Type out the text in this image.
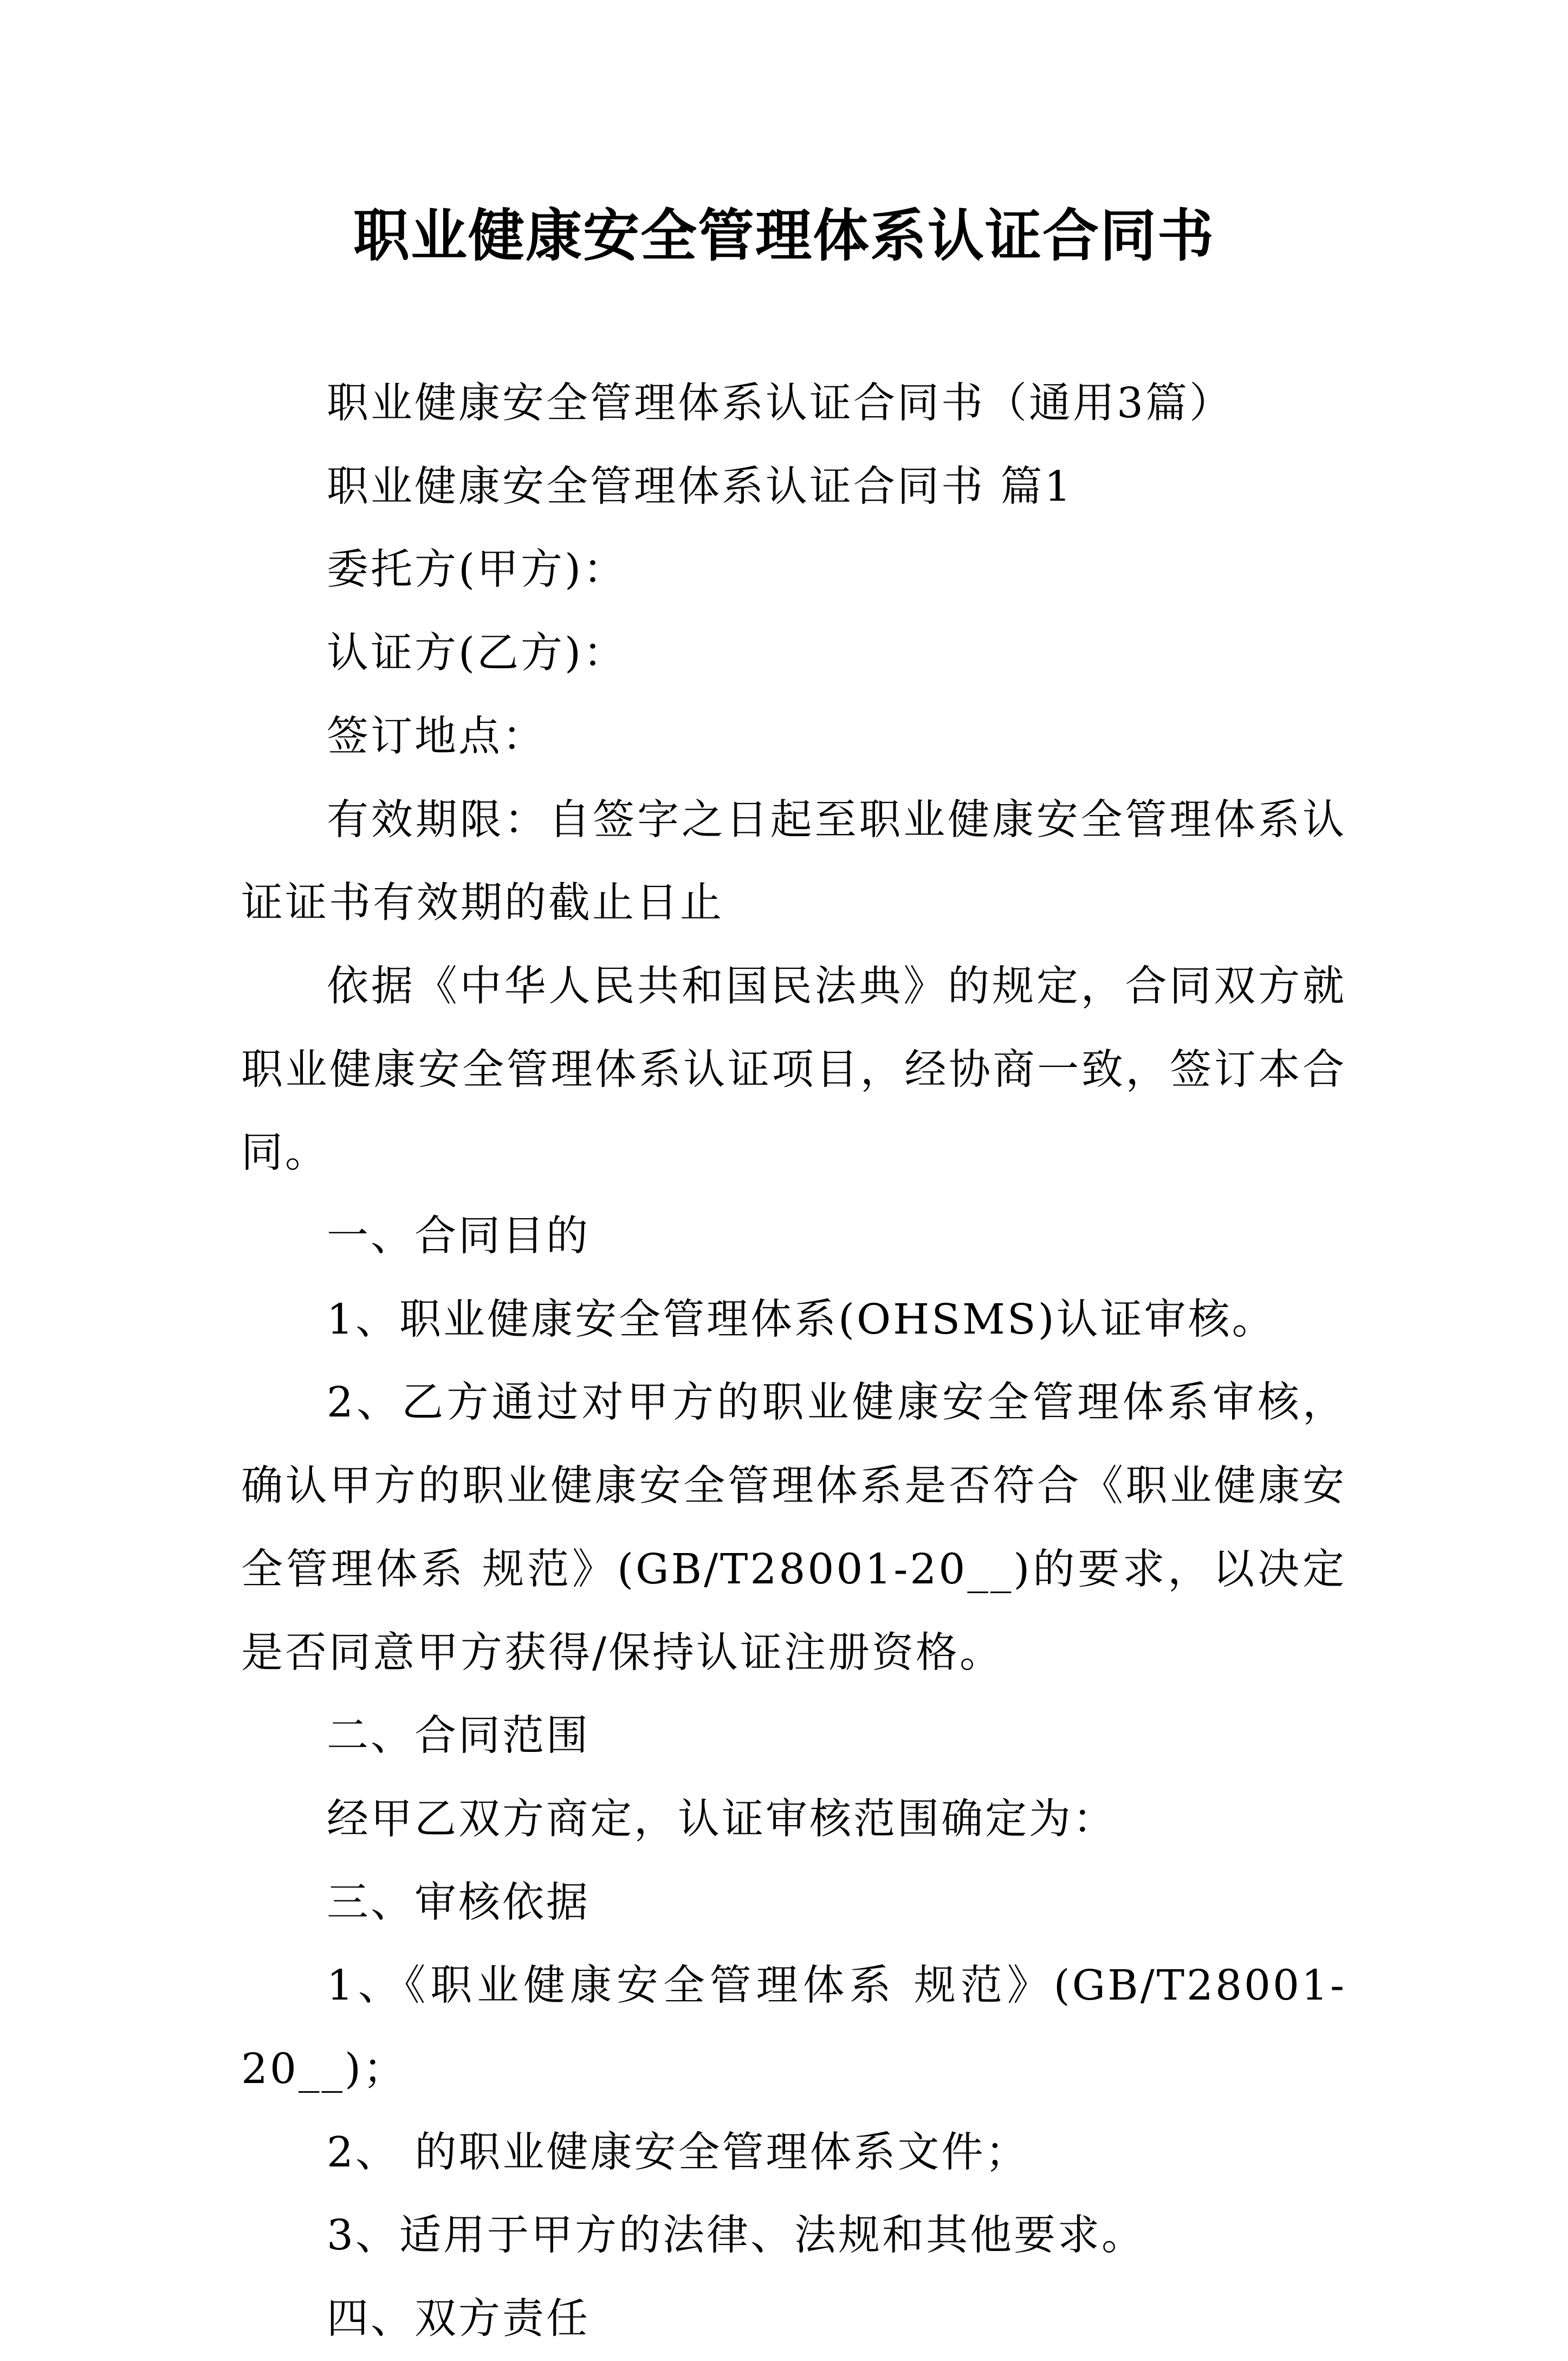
职业健康安全管理体系认证合同书

职业健康安全管理体系认证合同书（通用3篇）

职业健康安全管理体系认证合同书 篇1

委托方(甲方)：

认证方(乙方)：

签订地点：

有效期限：自签字之日起至职业健康安全管理体系认证证书有效期的截止日止

依据《中华人民共和国民法典》的规定，合同双方就职业健康安全管理体系认证项目，经协商一致，签订本合同。

一、合同目的

1、职业健康安全管理体系(OHSMS)认证审核。

2、乙方通过对甲方的职业健康安全管理体系审核，确认甲方的职业健康安全管理体系是否符合《职业健康安全管理体系 规范》(GB/T28001-20__)的要求，以决定是否同意甲方获得/保持认证注册资格。

二、合同范围

经甲乙双方商定，认证审核范围确定为：

三、审核依据

1、《职业健康安全管理体系 规范》(GB/T28001-20__)；

2、 的职业健康安全管理体系文件；

3、适用于甲方的法律、法规和其他要求。

四、双方责任
